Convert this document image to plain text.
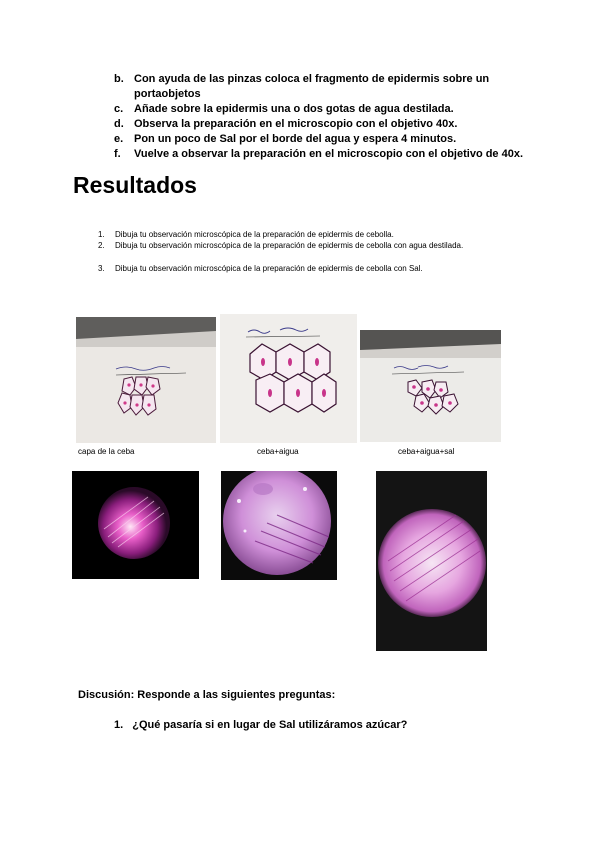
b. Con ayuda de las pinzas coloca el fragmento de epidermis sobre un
portaobjetos
c. Añade sobre la epidermis una o dos gotas de agua destilada.
d. Observa la preparación en el microscopio con el objetivo 40x.
e. Pon un poco de Sal por el borde del agua y espera 4 minutos.
f. Vuelve a observar la preparación en el microscopio con el objetivo de 40x.
Resultados
1. Dibuja tu observación microscópica de la preparación de epidermis de cebolla.
2. Dibuja tu observación microscópica de la preparación de epidermis de cebolla con agua destilada.
3. Dibuja tu observación microscópica de la preparación de epidermis de cebolla con Sal.
capa de la ceba	ceba+aigua	ceba+aigua+sal
Discusión: Responde a las siguientes preguntas:
1. ¿Qué pasaría si en lugar de Sal utilizáramos azúcar?
